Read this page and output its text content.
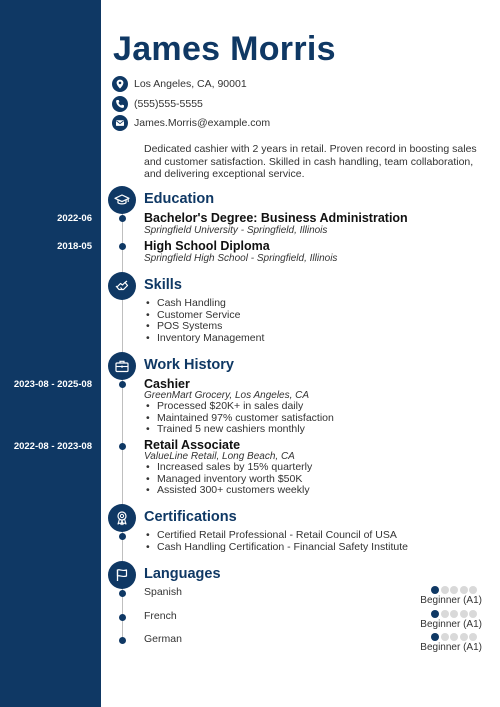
James Morris
Los Angeles, CA, 90001
(555)555-5555
James.Morris@example.com
Dedicated cashier with 2 years in retail. Proven record in boosting sales and customer satisfaction. Skilled in cash handling, team collaboration, and delivering exceptional service.
Education
2022-06	Bachelor's Degree: Business Administration
Springfield University - Springfield, Illinois
2018-05	High School Diploma
Springfield High School - Springfield, Illinois
Skills
• Cash Handling
• Customer Service
• POS Systems
• Inventory Management
Work History
2023-08 - 2025-08	Cashier
GreenMart Grocery, Los Angeles, CA
• Processed $20K+ in sales daily
• Maintained 97% customer satisfaction
• Trained 5 new cashiers monthly
2022-08 - 2023-08	Retail Associate
ValueLine Retail, Long Beach, CA
• Increased sales by 15% quarterly
• Managed inventory worth $50K
• Assisted 300+ customers weekly
Certifications
• Certified Retail Professional - Retail Council of USA
• Cash Handling Certification - Financial Safety Institute
Languages
Spanish
Beginner (A1)
French
Beginner (A1)
German
Beginner (A1)
